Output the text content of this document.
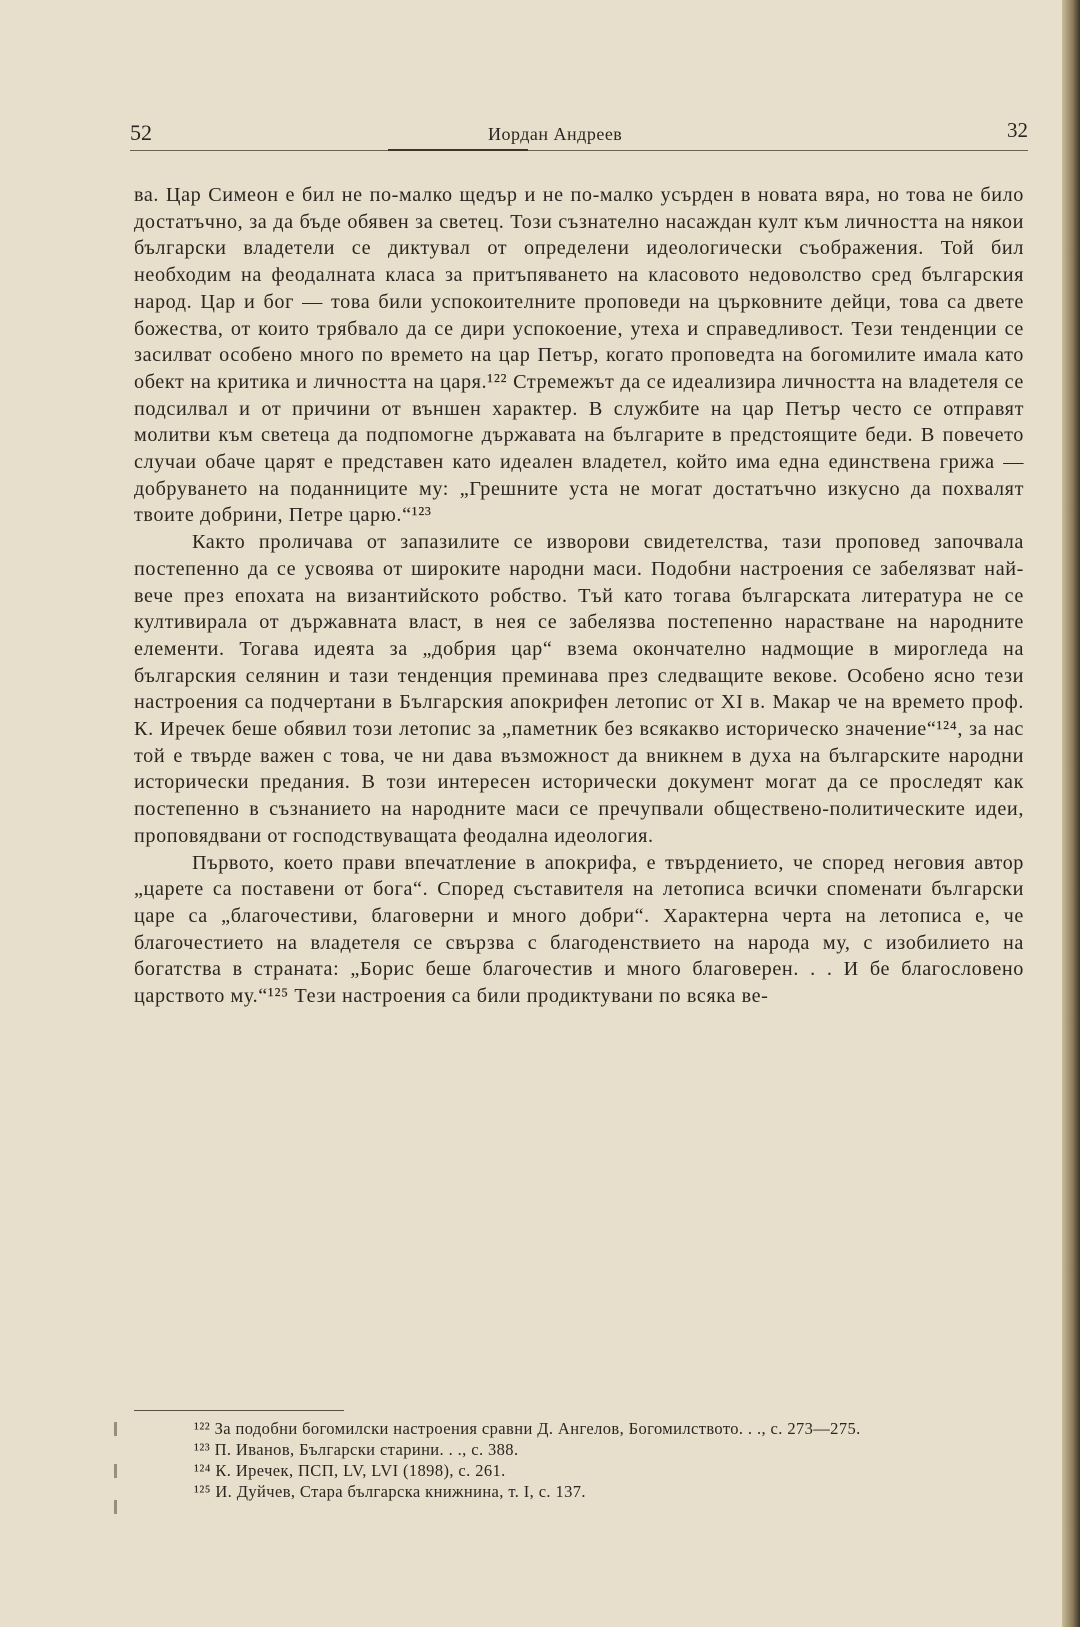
52	Иордан Андреев	32

ва. Цар Симеон е бил не по-малко щедър и не по-малко усърден в новата вяра, но това не било достатъчно, за да бъде обявен за светец. Този съзнателно насаждан култ към личността на някои български владетели се диктувал от определени идеологически съображения. Той бил необходим на феодалната класа за притъпяването на класовото недоволство сред българския народ. Цар и бог — това били успокоителните проповеди на църковните дейци, това са двете божества, от които трябвало да се дири успокоение, утеха и справедливост. Тези тенденции се засилват особено много по времето на цар Петър, когато проповедта на богомилите имала като обект на критика и личността на царя.¹²² Стремежът да се идеализира личността на владетеля се подсилвал и от причини от външен характер. В службите на цар Петър често се отправят молитви към светеца да подпомогне държавата на българите в предстоящите беди. В повечето случаи обаче царят е представен като идеален владетел, който има една единствена грижа — добруването на поданниците му: „Грешните уста не могат достатъчно изкусно да похвалят твоите добрини, Петре царю.“¹²³

Както проличава от запазилите се изворови свидетелства, тази проповед започвала постепенно да се усвоява от широките народни маси. Подобни настроения се забелязват най-вече през епохата на византийското робство. Тъй като тогава българската литература не се култивирала от държавната власт, в нея се забелязва постепенно нарастване на народните елементи. Тогава идеята за „добрия цар“ взема окончателно надмощие в мирогледа на българския селянин и тази тенденция преминава през следващите векове. Особено ясно тези настроения са подчертани в Българския апокрифен летопис от XI в. Макар че на времето проф. К. Иречек беше обявил този летопис за „паметник без всякакво историческо значение“¹²⁴, за нас той е твърде важен с това, че ни дава възможност да вникнем в духа на българските народни исторически предания. В този интересен исторически документ могат да се проследят как постепенно в съзнанието на народните маси се пречупвали обществено-политическите идеи, проповядвани от господствуващата феодална идеология.

Първото, което прави впечатление в апокрифа, е твърдението, че според неговия автор „царете са поставени от бога“. Според съставителя на летописа всички споменати български царе са „благочестиви, благоверни и много добри“. Характерна черта на летописа е, че благочестието на владетеля се свързва с благоденствието на народа му, с изобилието на богатства в страната: „Борис беше благочестив и много благоверен. . . И бе благословено царството му.“¹²⁵ Тези настроения са били продиктувани по всяка ве-

¹²² За подобни богомилски настроения сравни Д. Ангелов, Богомилството. . ., с. 273—275.

¹²³ П. Иванов, Български старини. . ., с. 388.

¹²⁴ К. Иречек, ПСП, LV, LVI (1898), с. 261.

¹²⁵ И. Дуйчев, Стара българска книжнина, т. I, с. 137.
